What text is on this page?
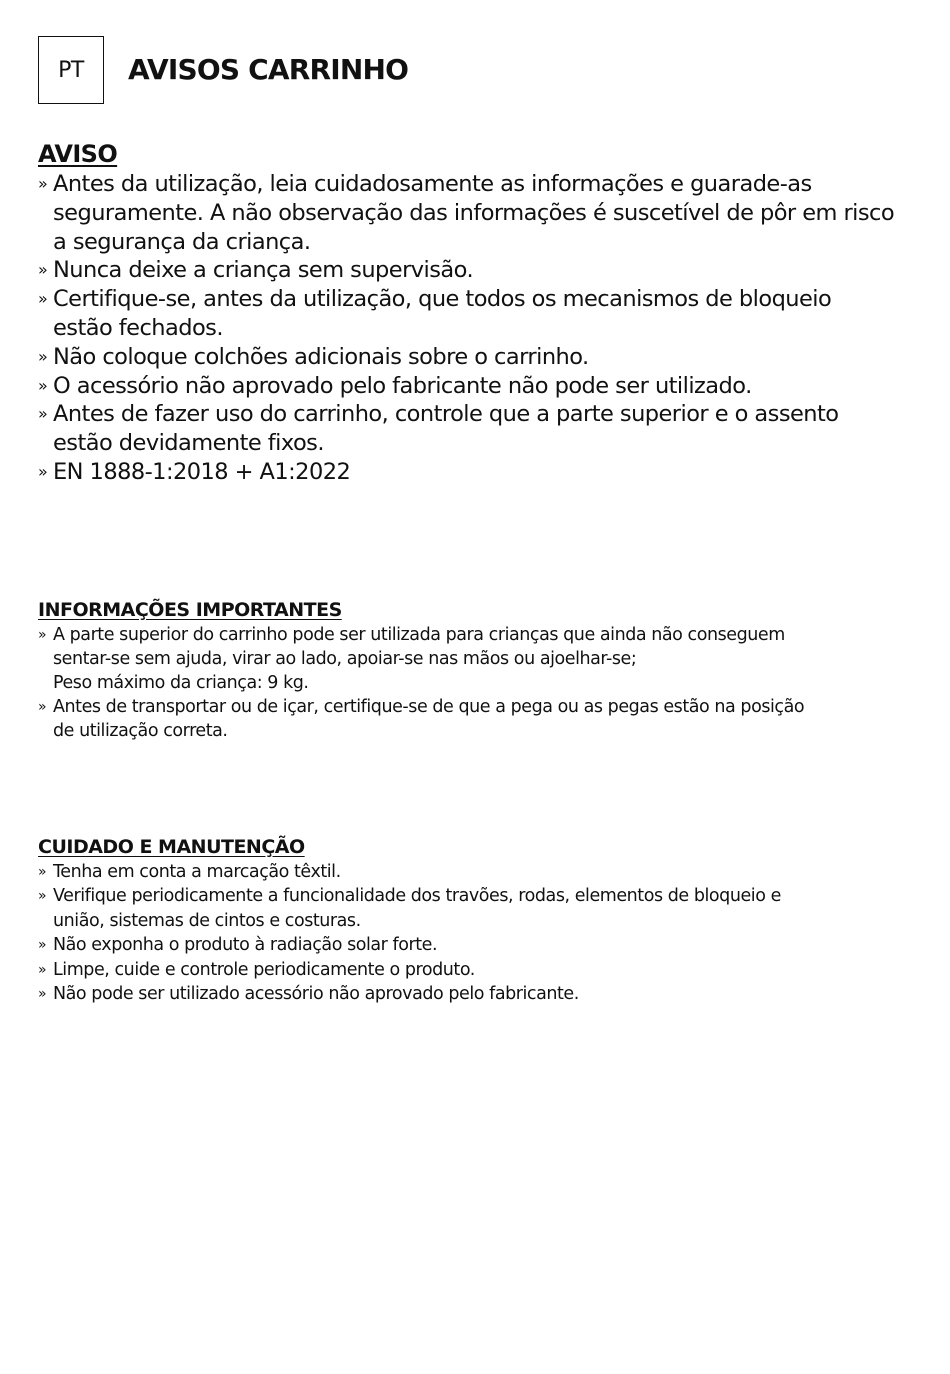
PT AVISOS CARRINHO
AVISO
» Antes da utilização, leia cuidadosamente as informações e guarade-as
seguramente. A não observação das informações é suscetível de pôr em risco
a segurança da criança.
» Nunca deixe a criança sem supervisão.
» Certifique-se, antes da utilização, que todos os mecanismos de bloqueio
estão fechados.
» Não coloque colchões adicionais sobre o carrinho.
» O acessório não aprovado pelo fabricante não pode ser utilizado.
» Antes de fazer uso do carrinho, controle que a parte superior e o assento
estão devidamente fixos.
» EN 1888-1:2018 + A1:2022
INFORMAÇÕES IMPORTANTES
» A parte superior do carrinho pode ser utilizada para crianças que ainda não conseguem
sentar-se sem ajuda, virar ao lado, apoiar-se nas mãos ou ajoelhar-se;
Peso máximo da criança: 9 kg.
» Antes de transportar ou de içar, certifique-se de que a pega ou as pegas estão na posição
de utilização correta.
CUIDADO E MANUTENÇÃO
» Tenha em conta a marcação têxtil.
» Verifique periodicamente a funcionalidade dos travões, rodas, elementos de bloqueio e
união, sistemas de cintos e costuras.
» Não exponha o produto à radiação solar forte.
» Limpe, cuide e controle periodicamente o produto.
» Não pode ser utilizado acessório não aprovado pelo fabricante.
